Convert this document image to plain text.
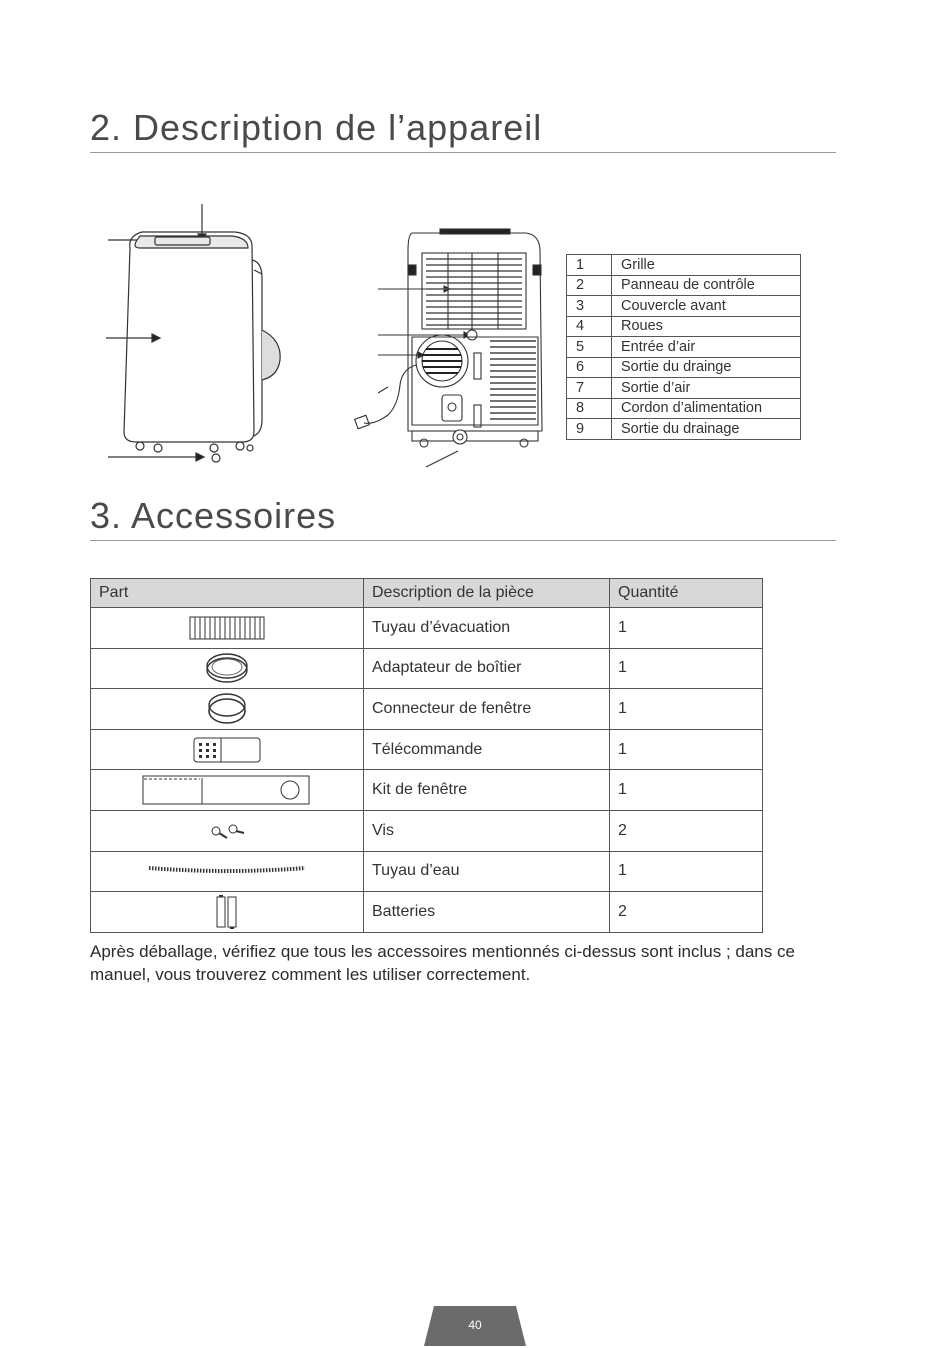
2. Description de l’appareil
1	Grille
2	Panneau de contrôle
3	Couvercle avant
4	Roues
5	Entrée d’air
6	Sortie du drainge
7	Sortie d’air
8	Cordon d’alimentation
9	Sortie du drainage
3. Accessoires
Part	Description de la pièce	Quantité

	Tuyau d’évacuation	1

	Adaptateur de boîtier	1

	Connecteur de fenêtre	1

	Télécommande	1

	Kit de fenêtre	1

	Vis	2

	Tuyau d’eau	1

	Batteries	2

Après déballage, vérifiez que tous les accessoires mentionnés ci-dessus sont inclus ; dans ce manuel, vous trouverez comment les utiliser correctement.

40
